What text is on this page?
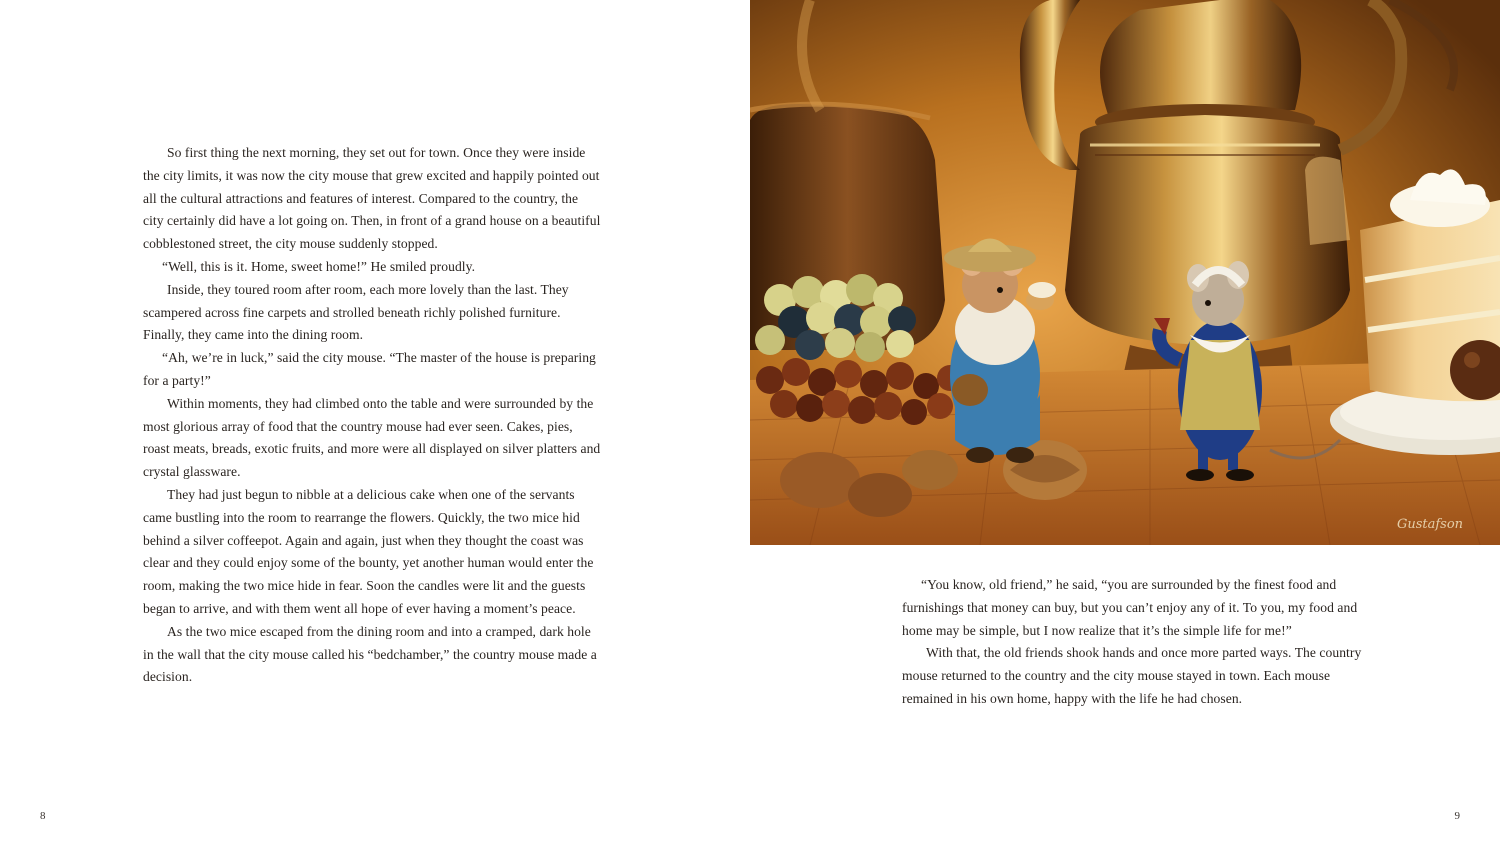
So first thing the next morning, they set out for town. Once they were inside the city limits, it was now the city mouse that grew excited and happily pointed out all the cultural attractions and features of interest. Compared to the country, the city certainly did have a lot going on. Then, in front of a grand house on a beautiful cobblestoned street, the city mouse suddenly stopped.

“Well, this is it. Home, sweet home!” He smiled proudly.

Inside, they toured room after room, each more lovely than the last. They scampered across fine carpets and strolled beneath richly polished furniture. Finally, they came into the dining room.

“Ah, we’re in luck,” said the city mouse. “The master of the house is preparing for a party!”

Within moments, they had climbed onto the table and were surrounded by the most glorious array of food that the country mouse had ever seen. Cakes, pies, roast meats, breads, exotic fruits, and more were all displayed on silver platters and crystal glassware.

They had just begun to nibble at a delicious cake when one of the servants came bustling into the room to rearrange the flowers. Quickly, the two mice hid behind a silver coffeepot. Again and again, just when they thought the coast was clear and they could enjoy some of the bounty, yet another human would enter the room, making the two mice hide in fear. Soon the candles were lit and the guests began to arrive, and with them went all hope of ever having a moment’s peace.

As the two mice escaped from the dining room and into a cramped, dark hole in the wall that the city mouse called his “bedchamber,” the country mouse made a decision.

8
Gustafson

“You know, old friend,” he said, “you are surrounded by the finest food and furnishings that money can buy, but you can’t enjoy any of it. To you, my food and home may be simple, but I now realize that it’s the simple life for me!”

With that, the old friends shook hands and once more parted ways. The country mouse returned to the country and the city mouse stayed in town. Each mouse remained in his own home, happy with the life he had chosen.

9
